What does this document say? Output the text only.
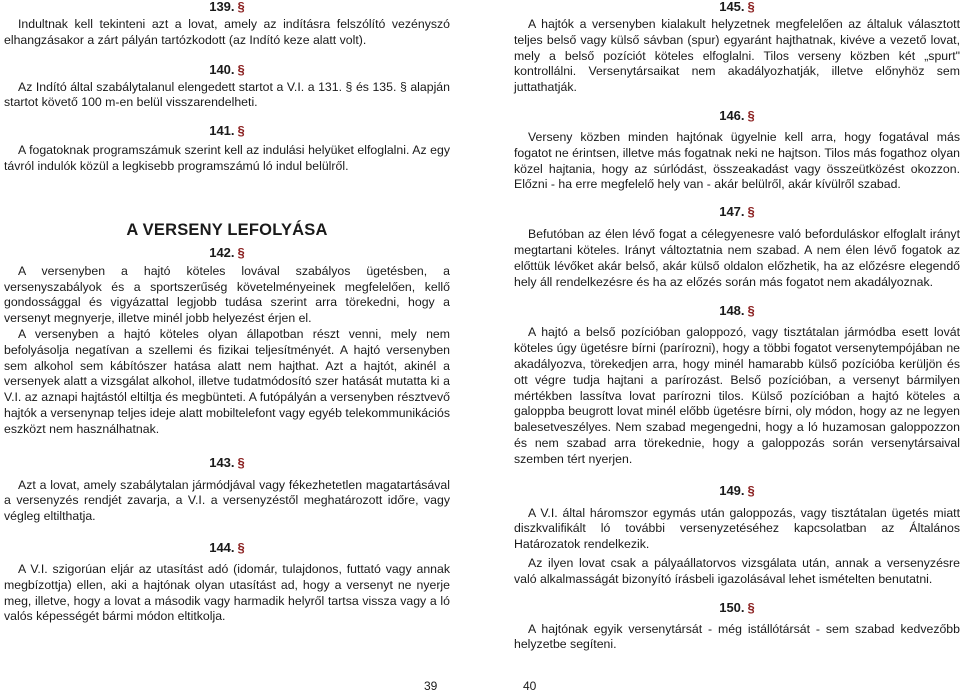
139. §

Indultnak kell tekinteni azt a lovat, amely az indításra felszólító vezényszó elhangzásakor a zárt pályán tartózkodott (az Indító keze alatt volt).

140. §

Az Indító által szabálytalanul elengedett startot a V.I. a 131. § és 135. § alapján startot követő 100 m-en belül visszarendelheti.

141. §

A fogatoknak programszámuk szerint kell az indulási helyüket elfoglalni. Az egy távról indulók közül a legkisebb programszámú ló indul belülről.

A VERSENY LEFOLYÁSA

142. §

A versenyben a hajtó köteles lovával szabályos ügetésben, a versenyszabályok és a sportszerűség követelményeinek megfelelően, kellő gondossággal és vigyázattal legjobb tudása szerint arra törekedni, hogy a versenyt megnyerje, illetve minél jobb helyezést érjen el.

A versenyben a hajtó köteles olyan állapotban részt venni, mely nem befolyásolja negatívan a szellemi és fizikai teljesítményét. A hajtó versenyben sem alkohol sem kábítószer hatása alatt nem hajthat. Azt a hajtót, akinél a versenyek alatt a vizsgálat alkohol, illetve tudatmódosító szer hatását mutatta ki a V.I. az aznapi hajtástól eltiltja és megbünteti. A futópályán a versenyben résztvevő hajtók a versenynap teljes ideje alatt mobiltelefont vagy egyéb telekommunikációs eszközt nem használhatnak.

143. §

Azt a lovat, amely szabálytalan jármódjával vagy fékezhetetlen magatartásával a versenyzés rendjét zavarja, a V.I. a versenyzéstől meghatározott időre, vagy végleg eltilthatja.

144. §

A V.I. szigorúan eljár az utasítást adó (idomár, tulajdonos, futtató vagy annak megbízottja) ellen, aki a hajtónak olyan utasítást ad, hogy a versenyt ne nyerje meg, illetve, hogy a lovat a második vagy harmadik helyről tartsa vissza vagy a ló valós képességét bármi módon eltitkolja.

145. §

A hajtók a versenyben kialakult helyzetnek megfelelően az általuk választott teljes belső vagy külső sávban (spur) egyaránt hajthatnak, kivéve a vezető lovat, mely a belső pozíciót köteles elfoglalni. Tilos verseny közben két „spurt" kontrollálni. Versenytársaikat nem akadályozhatják, illetve előnyhöz sem juttathatják.

146. §

Verseny közben minden hajtónak ügyelnie kell arra, hogy fogatával más fogatot ne érintsen, illetve más fogatnak neki ne hajtson. Tilos más fogathoz olyan közel hajtania, hogy az súrlódást, összeakadást vagy összeütközést okozzon. Előzni - ha erre megfelelő hely van - akár belülről, akár kívülről szabad.

147. §

Befutóban az élen lévő fogat a célegyenesre való beforduláskor elfoglalt irányt megtartani köteles. Irányt változtatnia nem szabad. A nem élen lévő fogatok az előttük lévőket akár belső, akár külső oldalon előzhetik, ha az előzésre elegendő hely áll rendelkezésre és ha az előzés során más fogatot nem akadályoznak.

148. §

A hajtó a belső pozícióban galoppozó, vagy tisztátalan jármódba esett lovát köteles úgy ügetésre bírni (parírozni), hogy a többi fogatot versenytempójában ne akadályozva, törekedjen arra, hogy minél hamarabb külső pozícióba kerüljön és ott végre tudja hajtani a parírozást. Belső pozícióban, a versenyt bármilyen mértékben lassítva lovat parírozni tilos. Külső pozícióban a hajtó köteles a galoppba beugrott lovat minél előbb ügetésre bírni, oly módon, hogy az ne legyen balesetveszélyes. Nem szabad megengedni, hogy a ló huzamosan galoppozzon és nem szabad arra törekednie, hogy a galoppozás során versenytársaival szemben tért nyerjen.

149. §

A V.I. által háromszor egymás után galoppozás, vagy tisztátalan ügetés miatt diszkvalifikált ló további versenyzetéséhez kapcsolatban az Általános Határozatok rendelkezik.

Az ilyen lovat csak a pályaállatorvos vizsgálata után, annak a versenyzésre való alkalmasságát bizonyító írásbeli igazolásával lehet ismételten benutatni.

150. §

A hajtónak egyik versenytársát - még istállótársát - sem szabad kedvezőbb helyzetbe segíteni.

39	40
